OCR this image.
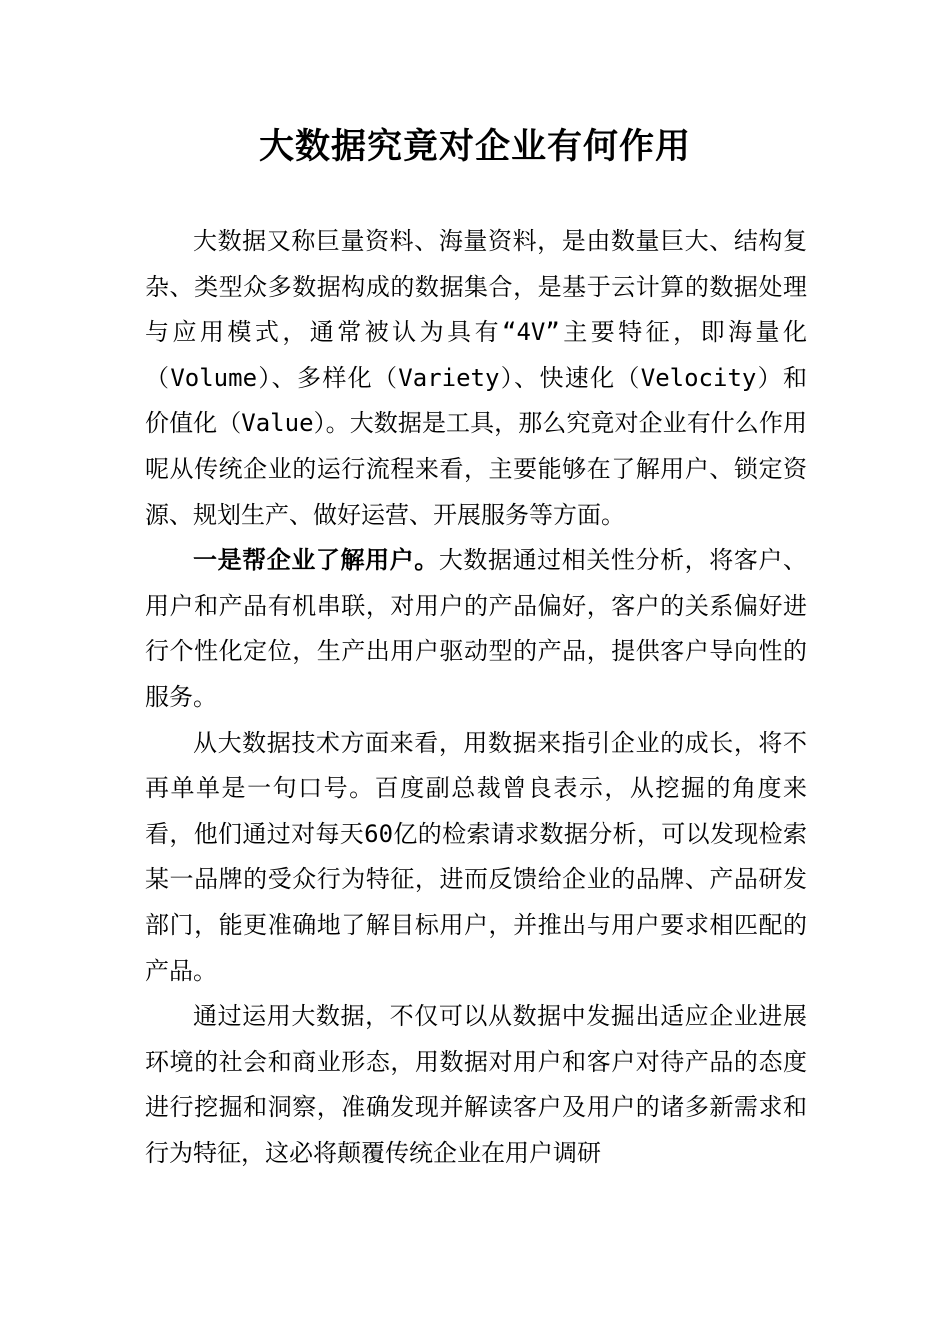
大数据究竟对企业有何作用

大数据又称巨量资料、海量资料，是由数量巨大、结构复杂、类型众多数据构成的数据集合，是基于云计算的数据处理与应用模式，通常被认为具有“4V”主要特征，即海量化（Volume）、多样化（Variety）、快速化（Velocity）和价值化（Value）。大数据是工具，那么究竟对企业有什么作用呢从传统企业的运行流程来看，主要能够在了解用户、锁定资源、规划生产、做好运营、开展服务等方面。

一是帮企业了解用户。大数据通过相关性分析，将客户、用户和产品有机串联，对用户的产品偏好，客户的关系偏好进行个性化定位，生产出用户驱动型的产品，提供客户导向性的服务。

从大数据技术方面来看，用数据来指引企业的成长，将不再单单是一句口号。百度副总裁曾良表示，从挖掘的角度来看，他们通过对每天60亿的检索请求数据分析，可以发现检索某一品牌的受众行为特征，进而反馈给企业的品牌、产品研发部门，能更准确地了解目标用户，并推出与用户要求相匹配的产品。

通过运用大数据，不仅可以从数据中发掘出适应企业进展环境的社会和商业形态，用数据对用户和客户对待产品的态度进行挖掘和洞察，准确发现并解读客户及用户的诸多新需求和行为特征，这必将颠覆传统企业在用户调研
